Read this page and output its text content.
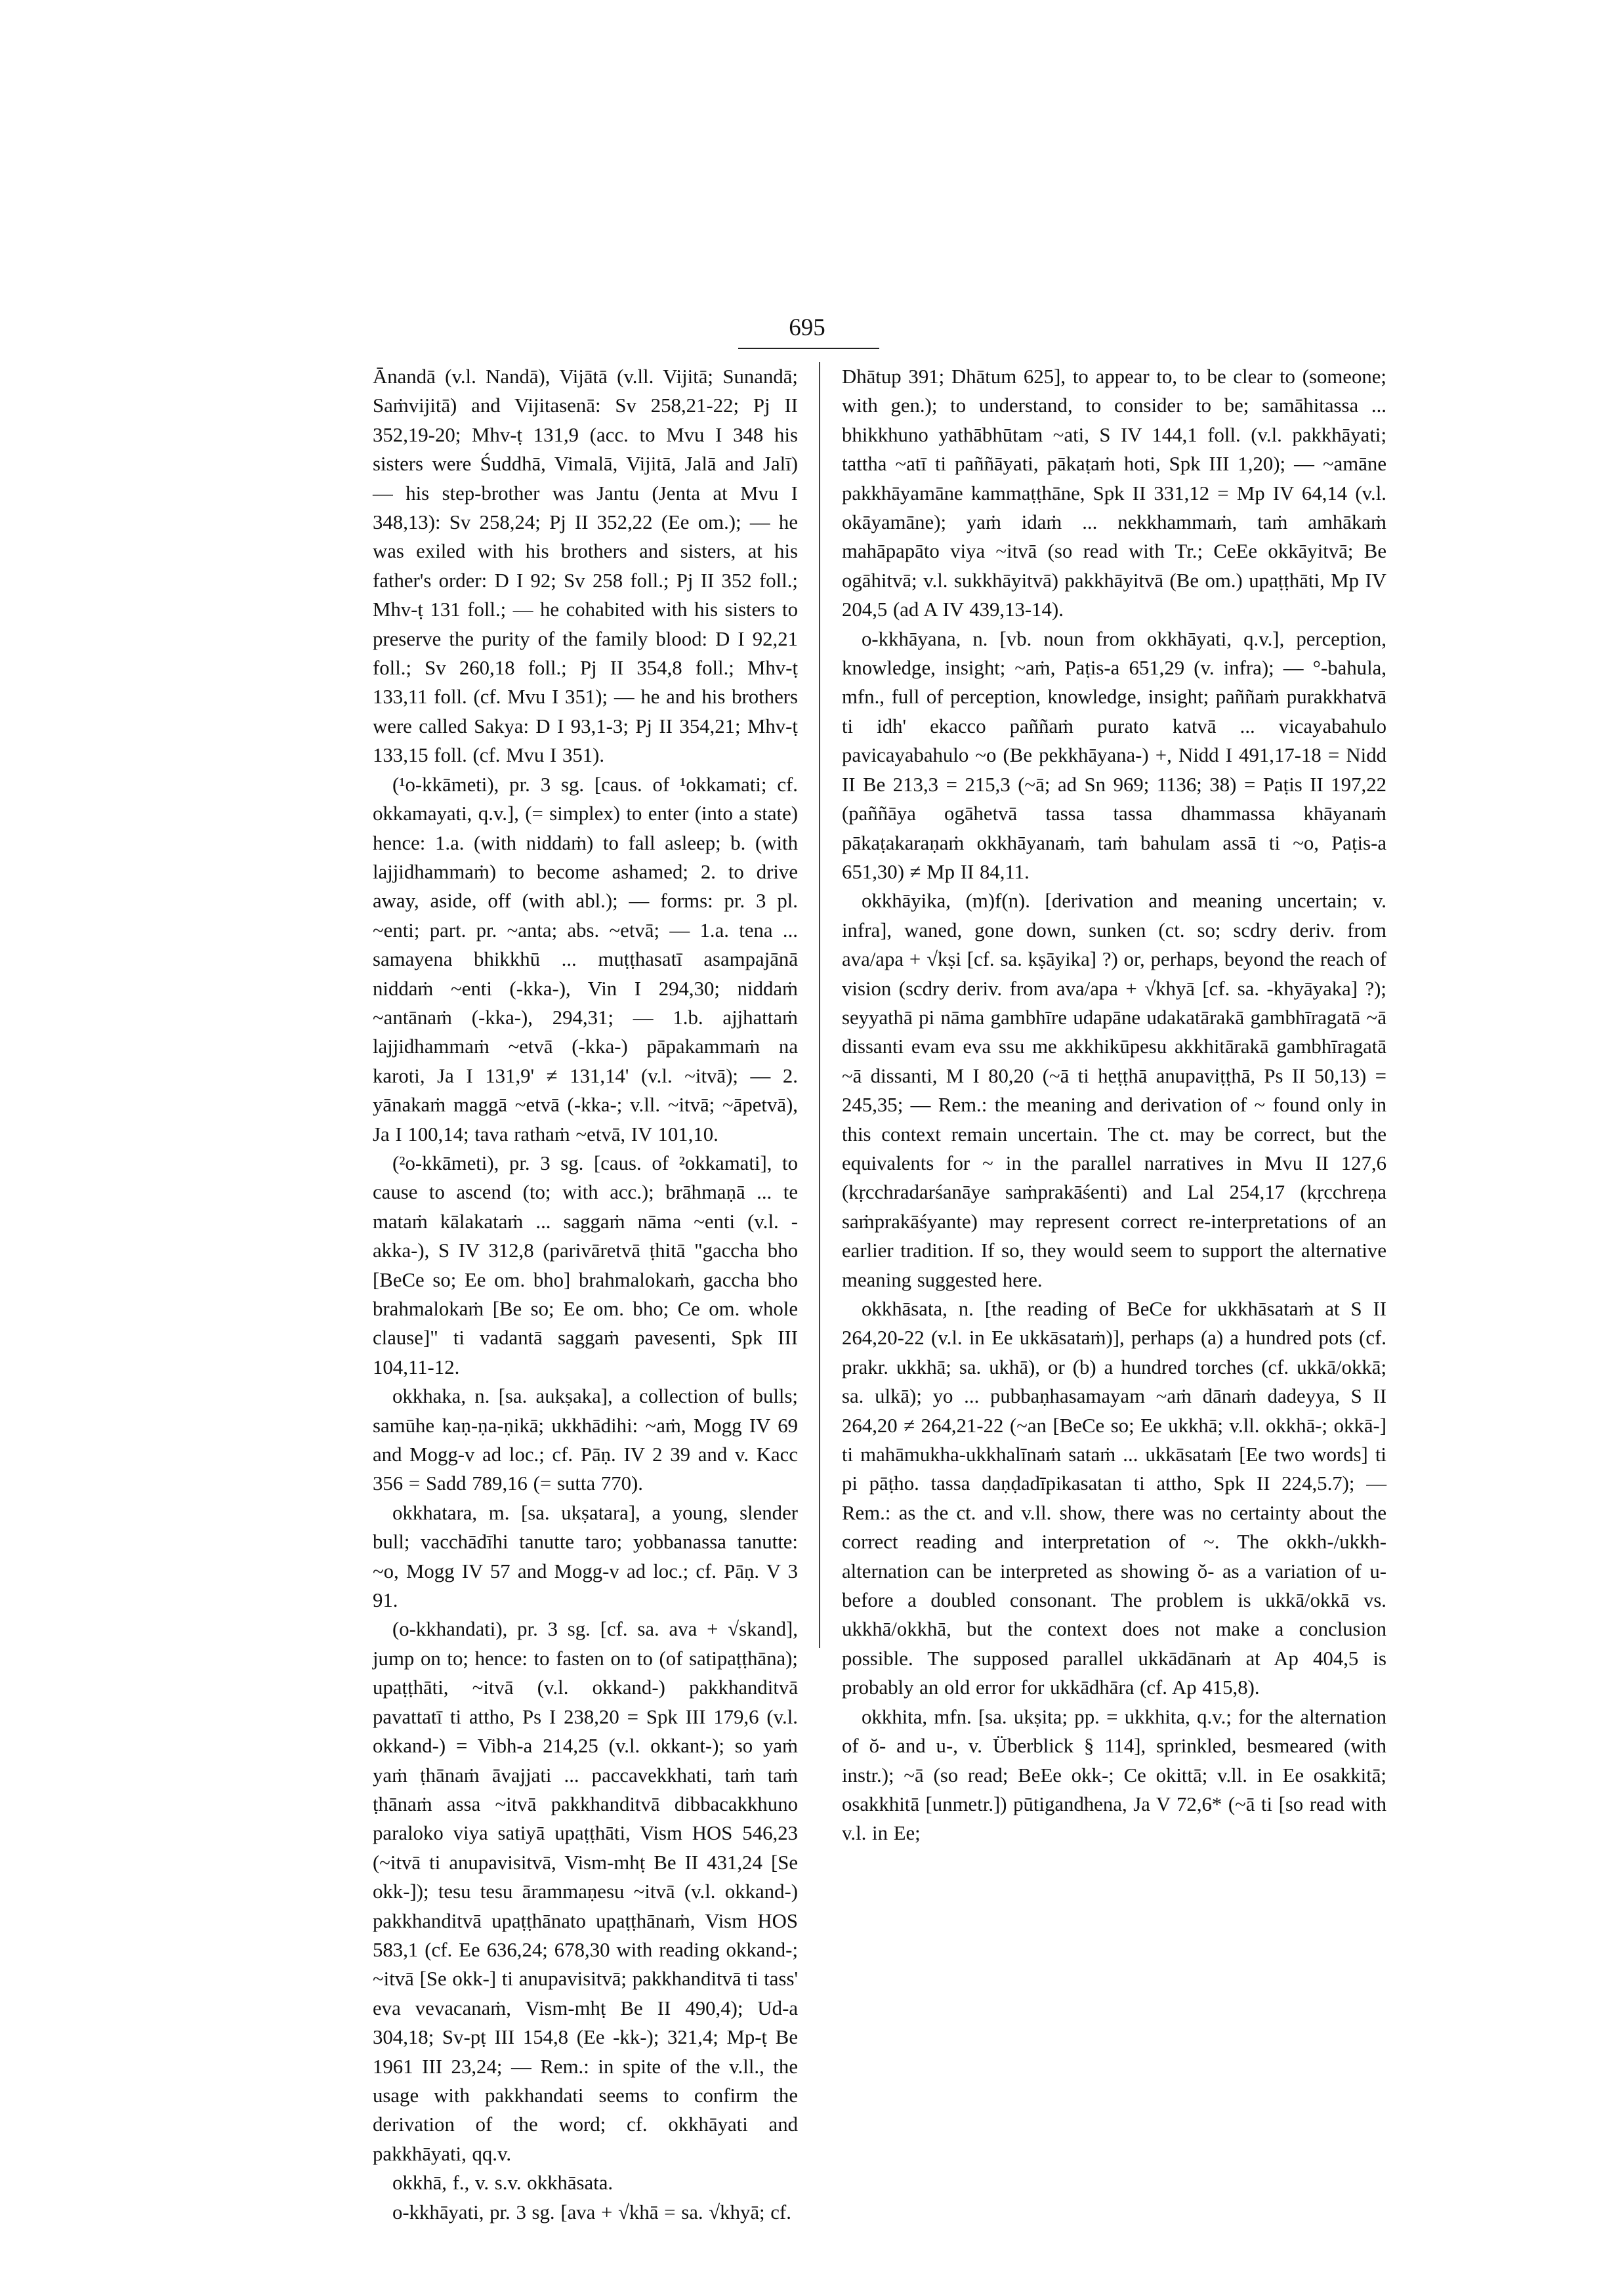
695

Ānandā (v.l. Nandā), Vijātā (v.ll. Vijitā; Sunandā; Saṁvijitā) and Vijitasenā: Sv 258,21-22; Pj II 352,19-20; Mhv-ṭ 131,9 (acc. to Mvu I 348 his sisters were Śuddhā, Vimalā, Vijitā, Jalā and Jalī) — his step-brother was Jantu (Jenta at Mvu I 348,13): Sv 258,24; Pj II 352,22 (Ee om.); — he was exiled with his brothers and sisters, at his father's order: D I 92; Sv 258 foll.; Pj II 352 foll.; Mhv-ṭ 131 foll.; — he cohabited with his sisters to preserve the purity of the family blood: D I 92,21 foll.; Sv 260,18 foll.; Pj II 354,8 foll.; Mhv-ṭ 133,11 foll. (cf. Mvu I 351); — he and his brothers were called Sakya: D I 93,1-3; Pj II 354,21; Mhv-ṭ 133,15 foll. (cf. Mvu I 351).

(¹o-kkāmeti), pr. 3 sg. [caus. of ¹okkamati; cf. okkamayati, q.v.], (= simplex) to enter (into a state) hence: 1.a. (with niddaṁ) to fall asleep; b. (with lajjidhammaṁ) to become ashamed; 2. to drive away, aside, off (with abl.); — forms: pr. 3 pl. ~enti; part. pr. ~anta; abs. ~etvā; — 1.a. tena ... samayena bhikkhū ... muṭṭhasatī asampajānā niddaṁ ~enti (-kka-), Vin I 294,30; niddaṁ ~antānaṁ (-kka-), 294,31; — 1.b. ajjhattaṁ lajjidhammaṁ ~etvā (-kka-) pāpakammaṁ na karoti, Ja I 131,9' ≠ 131,14' (v.l. ~itvā); — 2. yānakaṁ maggā ~etvā (-kka-; v.ll. ~itvā; ~āpetvā), Ja I 100,14; tava rathaṁ ~etvā, IV 101,10.

(²o-kkāmeti), pr. 3 sg. [caus. of ²okkamati], to cause to ascend (to; with acc.); brāhmaṇā ... te mataṁ kālakataṁ ... saggaṁ nāma ~enti (v.l. -akka-), S IV 312,8 (parivāretvā ṭhitā "gaccha bho [BeCe so; Ee om. bho] brahmalokaṁ, gaccha bho brahmalokaṁ [Be so; Ee om. bho; Ce om. whole clause]" ti vadantā saggaṁ pavesenti, Spk III 104,11-12.

okkhaka, n. [sa. aukṣaka], a collection of bulls; samūhe kaṇ-ṇa-ṇikā; ukkhādihi: ~aṁ, Mogg IV 69 and Mogg-v ad loc.; cf. Pāṇ. IV 2 39 and v. Kacc 356 = Sadd 789,16 (= sutta 770).

okkhatara, m. [sa. ukṣatara], a young, slender bull; vacchādīhi tanutte taro; yobbanassa tanutte: ~o, Mogg IV 57 and Mogg-v ad loc.; cf. Pāṇ. V 3 91.

(o-kkhandati), pr. 3 sg. [cf. sa. ava + √skand], jump on to; hence: to fasten on to (of satipaṭṭhāna); upaṭṭhāti, ~itvā (v.l. okkand-) pakkhanditvā pavattatī ti attho, Ps I 238,20 = Spk III 179,6 (v.l. okkand-) = Vibh-a 214,25 (v.l. okkant-); so yaṁ yaṁ ṭhānaṁ āvajjati ... paccavekkhati, taṁ taṁ ṭhānaṁ assa ~itvā pakkhanditvā dibbacakkhuno paraloko viya satiyā upaṭṭhāti, Vism HOS 546,23 (~itvā ti anupavisitvā, Vism-mhṭ Be II 431,24 [Se okk-]); tesu tesu ārammaṇesu ~itvā (v.l. okkand-) pakkhanditvā upaṭṭhānato upaṭṭhānaṁ, Vism HOS 583,1 (cf. Ee 636,24; 678,30 with reading okkand-; ~itvā [Se okk-] ti anupavisitvā; pakkhanditvā ti tass' eva vevacanaṁ, Vism-mhṭ Be II 490,4); Ud-a 304,18; Sv-pṭ III 154,8 (Ee -kk-); 321,4; Mp-ṭ Be 1961 III 23,24; — Rem.: in spite of the v.ll., the usage with pakkhandati seems to confirm the derivation of the word; cf. okkhāyati and pakkhāyati, qq.v.

okkhā, f., v. s.v. okkhāsata.

o-kkhāyati, pr. 3 sg. [ava + √khā = sa. √khyā; cf.

Dhātup 391; Dhātum 625], to appear to, to be clear to (someone; with gen.); to understand, to consider to be; samāhitassa ... bhikkhuno yathābhūtam ~ati, S IV 144,1 foll. (v.l. pakkhāyati; tattha ~atī ti paññāyati, pākaṭaṁ hoti, Spk III 1,20); — ~amāne pakkhāyamāne kammaṭṭhāne, Spk II 331,12 = Mp IV 64,14 (v.l. okāyamāne); yaṁ idaṁ ... nekkhammaṁ, taṁ amhākaṁ mahāpapāto viya ~itvā (so read with Tr.; CeEe okkāyitvā; Be ogāhitvā; v.l. sukkhāyitvā) pakkhāyitvā (Be om.) upaṭṭhāti, Mp IV 204,5 (ad A IV 439,13-14).

o-kkhāyana, n. [vb. noun from okkhāyati, q.v.], perception, knowledge, insight; ~aṁ, Paṭis-a 651,29 (v. infra); — °-bahula, mfn., full of perception, knowledge, insight; paññaṁ purakkhatvā ti idh' ekacco paññaṁ purato katvā ... vicayabahulo pavicayabahulo ~o (Be pekkhāyana-) +, Nidd I 491,17-18 = Nidd II Be 213,3 = 215,3 (~ā; ad Sn 969; 1136; 38) = Paṭis II 197,22 (paññāya ogāhetvā tassa tassa dhammassa khāyanaṁ pākaṭakaraṇaṁ okkhāyanaṁ, taṁ bahulam assā ti ~o, Paṭis-a 651,30) ≠ Mp II 84,11.

okkhāyika, (m)f(n). [derivation and meaning uncertain; v. infra], waned, gone down, sunken (ct. so; scdry deriv. from ava/apa + √kṣi [cf. sa. kṣāyika] ?) or, perhaps, beyond the reach of vision (scdry deriv. from ava/apa + √khyā [cf. sa. -khyāyaka] ?); seyyathā pi nāma gambhīre udapāne udakatārakā gambhīragatā ~ā dissanti evam eva ssu me akkhikūpesu akkhitārakā gambhīragatā ~ā dissanti, M I 80,20 (~ā ti heṭṭhā anupaviṭṭhā, Ps II 50,13) = 245,35; — Rem.: the meaning and derivation of ~ found only in this context remain uncertain. The ct. may be correct, but the equivalents for ~ in the parallel narratives in Mvu II 127,6 (kṛcchradarśanāye saṁprakāśenti) and Lal 254,17 (kṛcchreṇa saṁprakāśyante) may represent correct re-interpretations of an earlier tradition. If so, they would seem to support the alternative meaning suggested here.

okkhāsata, n. [the reading of BeCe for ukkhāsataṁ at S II 264,20-22 (v.l. in Ee ukkāsataṁ)], perhaps (a) a hundred pots (cf. prakr. ukkhā; sa. ukhā), or (b) a hundred torches (cf. ukkā/okkā; sa. ulkā); yo ... pubbaṇhasamayam ~aṁ dānaṁ dadeyya, S II 264,20 ≠ 264,21-22 (~an [BeCe so; Ee ukkhā; v.ll. okkhā-; okkā-] ti mahāmukha-ukkhalīnaṁ sataṁ ... ukkāsataṁ [Ee two words] ti pi pāṭho. tassa daṇḍadīpikasatan ti attho, Spk II 224,5.7); — Rem.: as the ct. and v.ll. show, there was no certainty about the correct reading and interpretation of ~. The okkh-/ukkh- alternation can be interpreted as showing ŏ- as a variation of u- before a doubled consonant. The problem is ukkā/okkā vs. ukkhā/okkhā, but the context does not make a conclusion possible. The supposed parallel ukkādānaṁ at Ap 404,5 is probably an old error for ukkādhāra (cf. Ap 415,8).

okkhita, mfn. [sa. ukṣita; pp. = ukkhita, q.v.; for the alternation of ŏ- and u-, v. Überblick § 114], sprinkled, besmeared (with instr.); ~ā (so read; BeEe okk-; Ce okittā; v.ll. in Ee osakkitā; osakkhitā [unmetr.]) pūtigandhena, Ja V 72,6* (~ā ti [so read with v.l. in Ee;
